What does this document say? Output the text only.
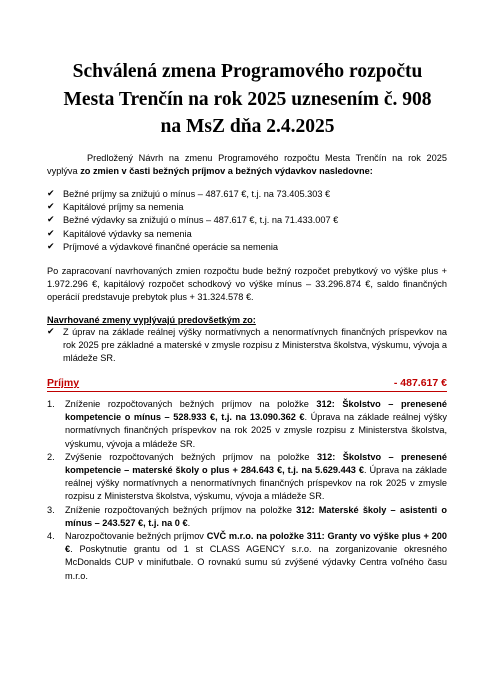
Schválená zmena Programového rozpočtu
Mesta Trenčín na rok 2025 uznesením č. 908
na MsZ dňa 2.4.2025
Predložený Návrh na zmenu Programového rozpočtu Mesta Trenčín na rok 2025 vyplýva zo zmien v časti bežných príjmov a bežných výdavkov nasledovne:
✔ Bežné príjmy sa znižujú o mínus – 487.617 €, t.j. na 73.405.303 €
✔ Kapitálové príjmy sa nemenia
✔ Bežné výdavky sa znižujú o mínus – 487.617 €, t.j. na 71.433.007 €
✔ Kapitálové výdavky sa nemenia
✔ Príjmové a výdavkové finančné operácie sa nemenia
Po zapracovaní navrhovaných zmien rozpočtu bude bežný rozpočet prebytkový vo výške plus + 1.972.296 €, kapitálový rozpočet schodkový vo výške mínus – 33.296.874 €, saldo finančných operácií predstavuje prebytok plus + 31.324.578 €.
Navrhované zmeny vyplývajú predovšetkým zo:
✔ Z úprav na základe reálnej výšky normatívnych a nenormatívnych finančných príspevkov na rok 2025 pre základné a materské v zmysle rozpisu z Ministerstva školstva, výskumu, vývoja a mládeže SR.
Príjmy	- 487.617 €
1. Zníženie rozpočtovaných bežných príjmov na položke 312: Školstvo – prenesené kompetencie o mínus – 528.933 €, t.j. na 13.090.362 €. Úprava na základe reálnej výšky normatívnych finančných príspevkov na rok 2025 v zmysle rozpisu z Ministerstva školstva, výskumu, vývoja a mládeže SR.
2. Zvýšenie rozpočtovaných bežných príjmov na položke 312: Školstvo – prenesené kompetencie – materské školy o plus + 284.643 €, t.j. na 5.629.443 €. Úprava na základe reálnej výšky normatívnych a nenormatívnych finančných príspevkov na rok 2025 v zmysle rozpisu z Ministerstva školstva, výskumu, vývoja a mládeže SR.
3. Zníženie rozpočtovaných bežných príjmov na položke 312: Materské školy – asistenti o mínus – 243.527 €, t.j. na 0 €.
4. Narozpočtovanie bežných príjmov CVČ m.r.o. na položke 311: Granty vo výške plus + 200 €. Poskytnutie grantu od 1 st CLASS AGENCY s.r.o. na zorganizovanie okresného McDonalds CUP v minifutbale. O rovnakú sumu sú zvýšené výdavky Centra voľného času m.r.o.
